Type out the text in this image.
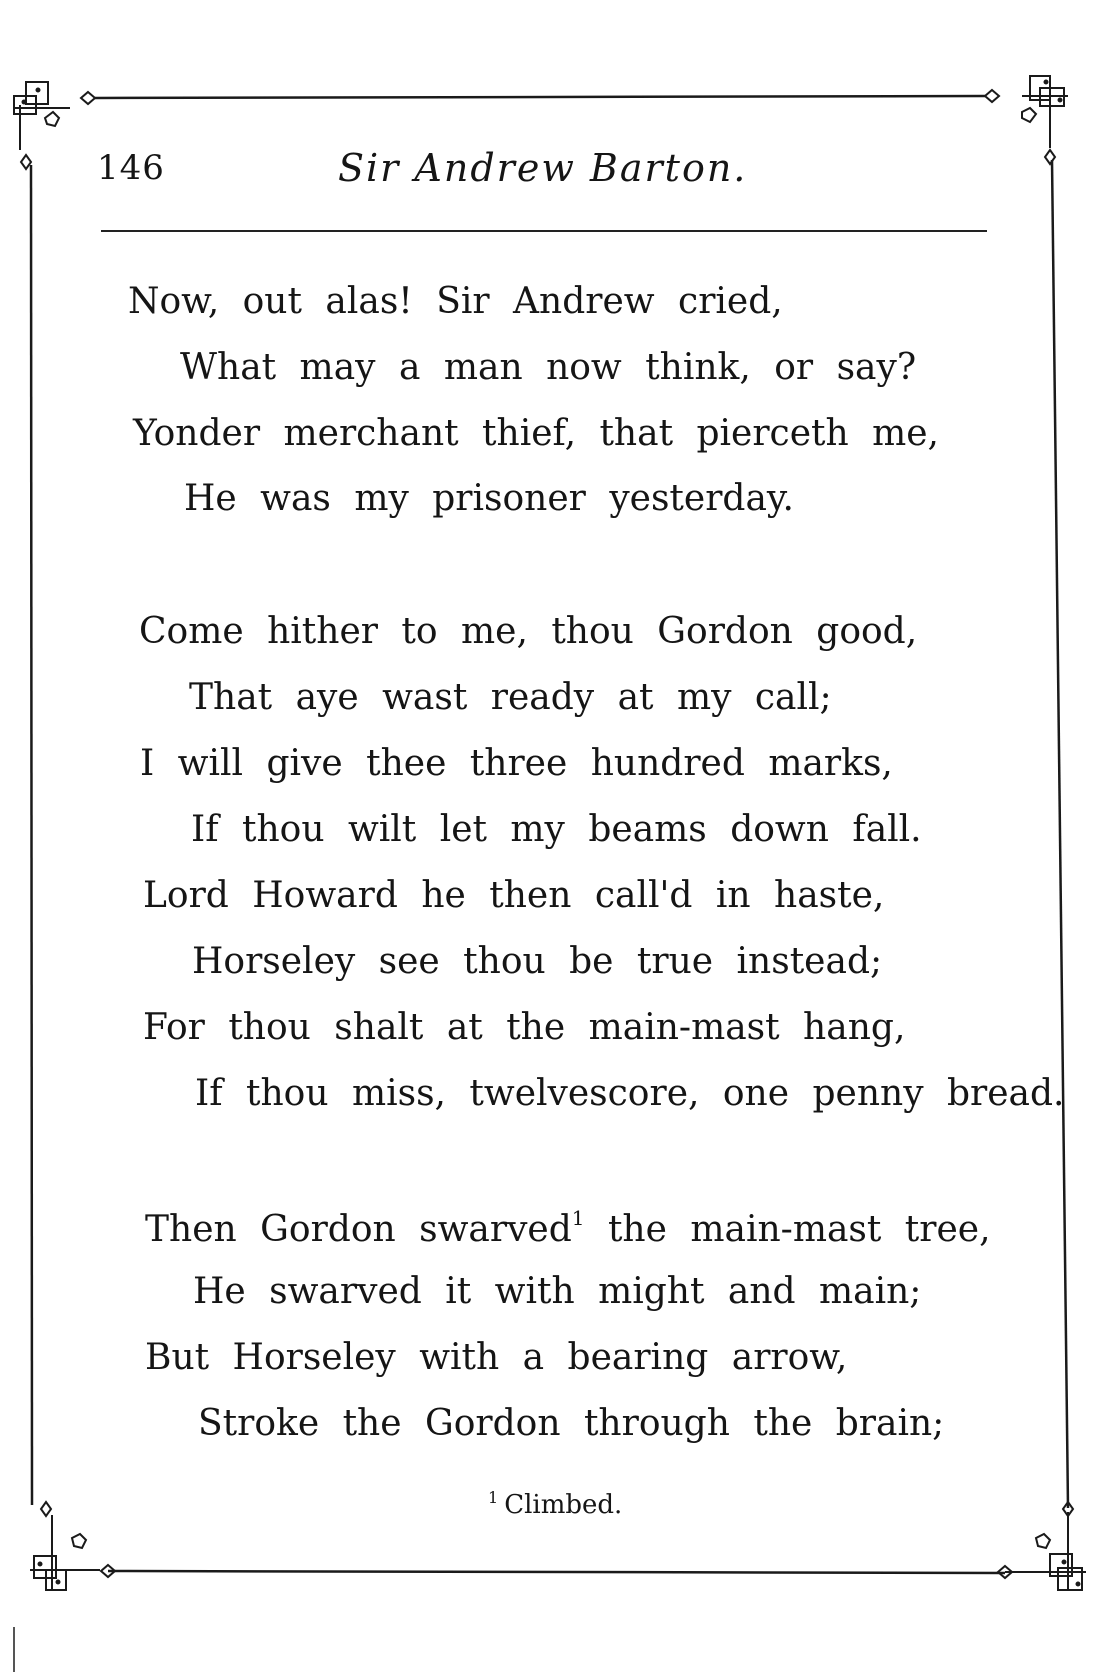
146	Sir Andrew Barton.
Now, out alas! Sir Andrew cried,
What may a man now think, or say?
Yonder merchant thief, that pierceth me,
He was my prisoner yesterday.
Come hither to me, thou Gordon good,
That aye wast ready at my call;
I will give thee three hundred marks,
If thou wilt let my beams down fall.
Lord Howard he then call'd in haste,
Horseley see thou be true instead;
For thou shalt at the main-mast hang,
If thou miss, twelvescore, one penny bread.
Then Gordon swarved$^1$ the main-mast tree,
He swarved it with might and main;
But Horseley with a bearing arrow,
Stroke the Gordon through the brain;
$^1$ Climbed.
